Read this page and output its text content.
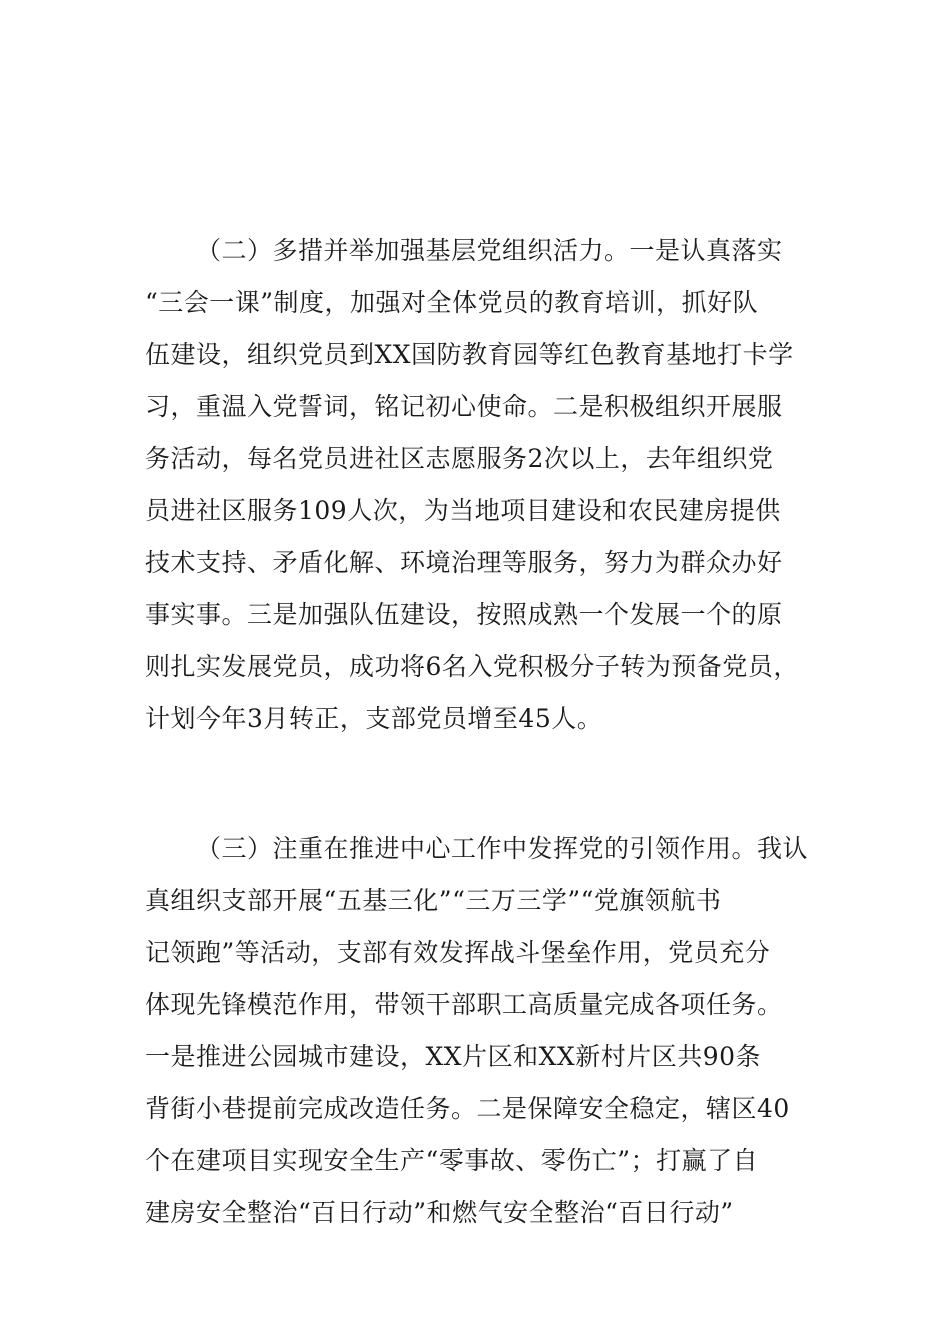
（二）多措并举加强基层党组织活力。一是认真落实
“三会一课”制度，加强对全体党员的教育培训，抓好队
伍建设，组织党员到XX国防教育园等红色教育基地打卡学
习，重温入党誓词，铭记初心使命。二是积极组织开展服
务活动，每名党员进社区志愿服务2次以上，去年组织党
员进社区服务109人次，为当地项目建设和农民建房提供
技术支持、矛盾化解、环境治理等服务，努力为群众办好
事实事。三是加强队伍建设，按照成熟一个发展一个的原
则扎实发展党员，成功将6名入党积极分子转为预备党员，
计划今年3月转正，支部党员增至45人。
（三）注重在推进中心工作中发挥党的引领作用。我认
真组织支部开展“五基三化”“三万三学”“党旗领航书
记领跑”等活动，支部有效发挥战斗堡垒作用，党员充分
体现先锋模范作用，带领干部职工高质量完成各项任务。
一是推进公园城市建设，XX片区和XX新村片区共90条
背街小巷提前完成改造任务。二是保障安全稳定，辖区40
个在建项目实现安全生产“零事故、零伤亡”；打赢了自
建房安全整治“百日行动”和燃气安全整治“百日行动”
